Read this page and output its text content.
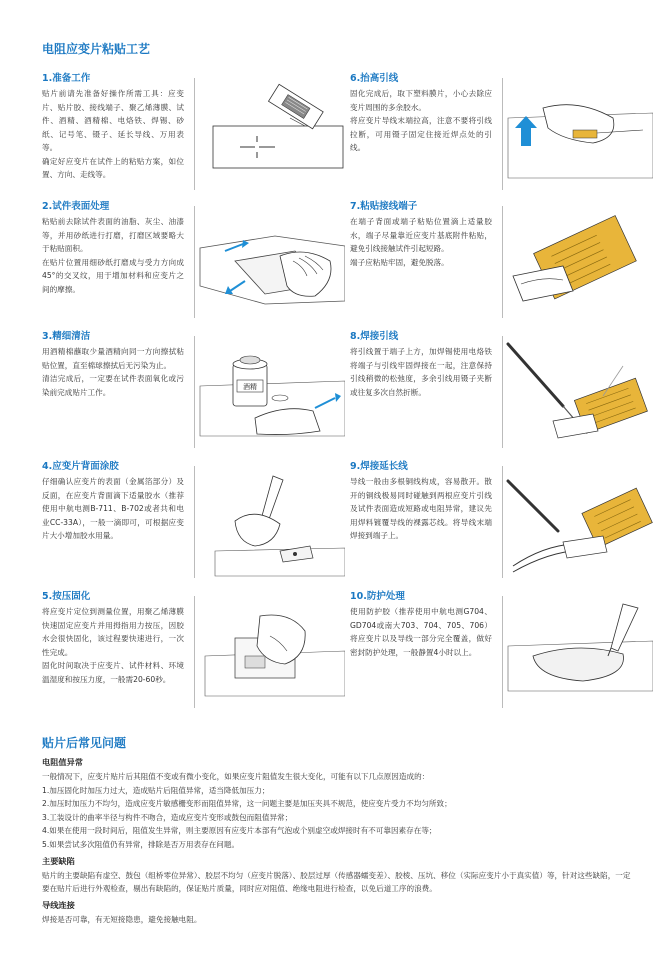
电阻应变片粘贴工艺
1.准备工作

贴片前请先准备好操作所需工具：应变片、贴片胶、接线端子、聚乙烯薄膜、试件、酒精、酒精棉、电烙铁、焊锡、砂纸、记号笔、镊子、延长导线、万用表等。

确定好应变片在试件上的粘贴方案，如位置、方向、走线等。

2.试件表面处理

粘贴前去除试件表面的油脂、灰尘、油漆等，并用砂纸进行打磨，打磨区域要略大于粘贴面积。

在贴片位置用细砂纸打磨成与受力方向成45°的交叉纹，用于增加材料和应变片之间的摩擦。

3.精细清洁

用酒精棉蘸取少量酒精向同一方向擦拭粘贴位置，直至棉球擦拭后无污染为止。

清洁完成后，一定要在试件表面氧化或污染前完成贴片工作。

酒精
4.应变片背面涂胶

仔细确认应变片的表面（金属箔部分）及反面，在应变片背面滴下适量胶水（推荐使用中航电测B-711、B-702或者共和电业CC-33A），一般一滴即可，可根据应变片大小增加胶水用量。

5.按压固化

将应变片定位到测量位置，用聚乙烯薄膜快速固定应变片并用拇指用力按压，因胶水会很快固化，该过程要快速进行，一次性完成。

固化时间取决于应变片、试件材料、环境温湿度和按压力度，一般需20-60秒。

6.抬高引线

固化完成后，取下塑料膜片，小心去除应变片周围的多余胶水。

将应变片导线末端拉高，注意不要将引线拉断，可用镊子固定住接近焊点处的引线。

7.粘贴接线端子

在端子背面或端子粘贴位置滴上适量胶水，端子尽量靠近应变片基底附件粘贴，避免引线接触试件引起短路。

端子应粘贴牢固，避免脱落。

8.焊接引线

将引线置于端子上方，加焊锡使用电烙铁将端子与引线牢固焊接在一起，注意保持引线稍微的松弛度，多余引线用镊子夹断或往复多次自然折断。

9.焊接延长线

导线一般由多根铜线构成，容易散开。散开的铜线极易同时碰触到两根应变片引线及试件表面造成短路或电阻异常，建议先用焊料镀覆导线的裸露芯线。将导线末端焊接到端子上。

10.防护处理

使用防护胶（推荐使用中航电测G704、GD704或南大703、704、705、706）将应变片以及导线一部分完全覆盖，做好密封防护处理，一般静置4小时以上。

贴片后常见问题
电阻值异常

一般情况下，应变片贴片后其阻值不变或有微小变化，如果应变片阻值发生很大变化，可能有以下几点原因造成的：

1.加压固化时加压力过大，造成贴片后阻值异常，适当降低加压力；

2.加压时加压力不均匀，造成应变片敏感栅变形而阻值异常，这一问题主要是加压夹具不规范，使应变片受力不均匀所致；

3.工装设计的曲率半径与构件不吻合，造成应变片变形或鼓包而阻值异常；

4.如果在使用一段时间后，阻值发生异常，则主要原因有应变片本部有气泡或个别虚空或焊接时有不可靠因素存在等；

5.如果尝试多次阻值仍有异常，排除是否万用表存在问题。

主要缺陷

贴片的主要缺陷有虚空、鼓包（组桥零位异常）、胶层不均匀（应变片脱落）、胶层过厚（传感器蠕变差）、胶棱、压坑、移位（实际应变片小于真实值）等，针对这些缺陷，一定要在贴片后进行外观检查，剔出有缺陷的，保证贴片质量，同时应对阻值、绝缘电阻进行检查，以免后道工序的浪费。

导线连接

焊接是否可靠，有无短接隐患，避免接触电阻。
